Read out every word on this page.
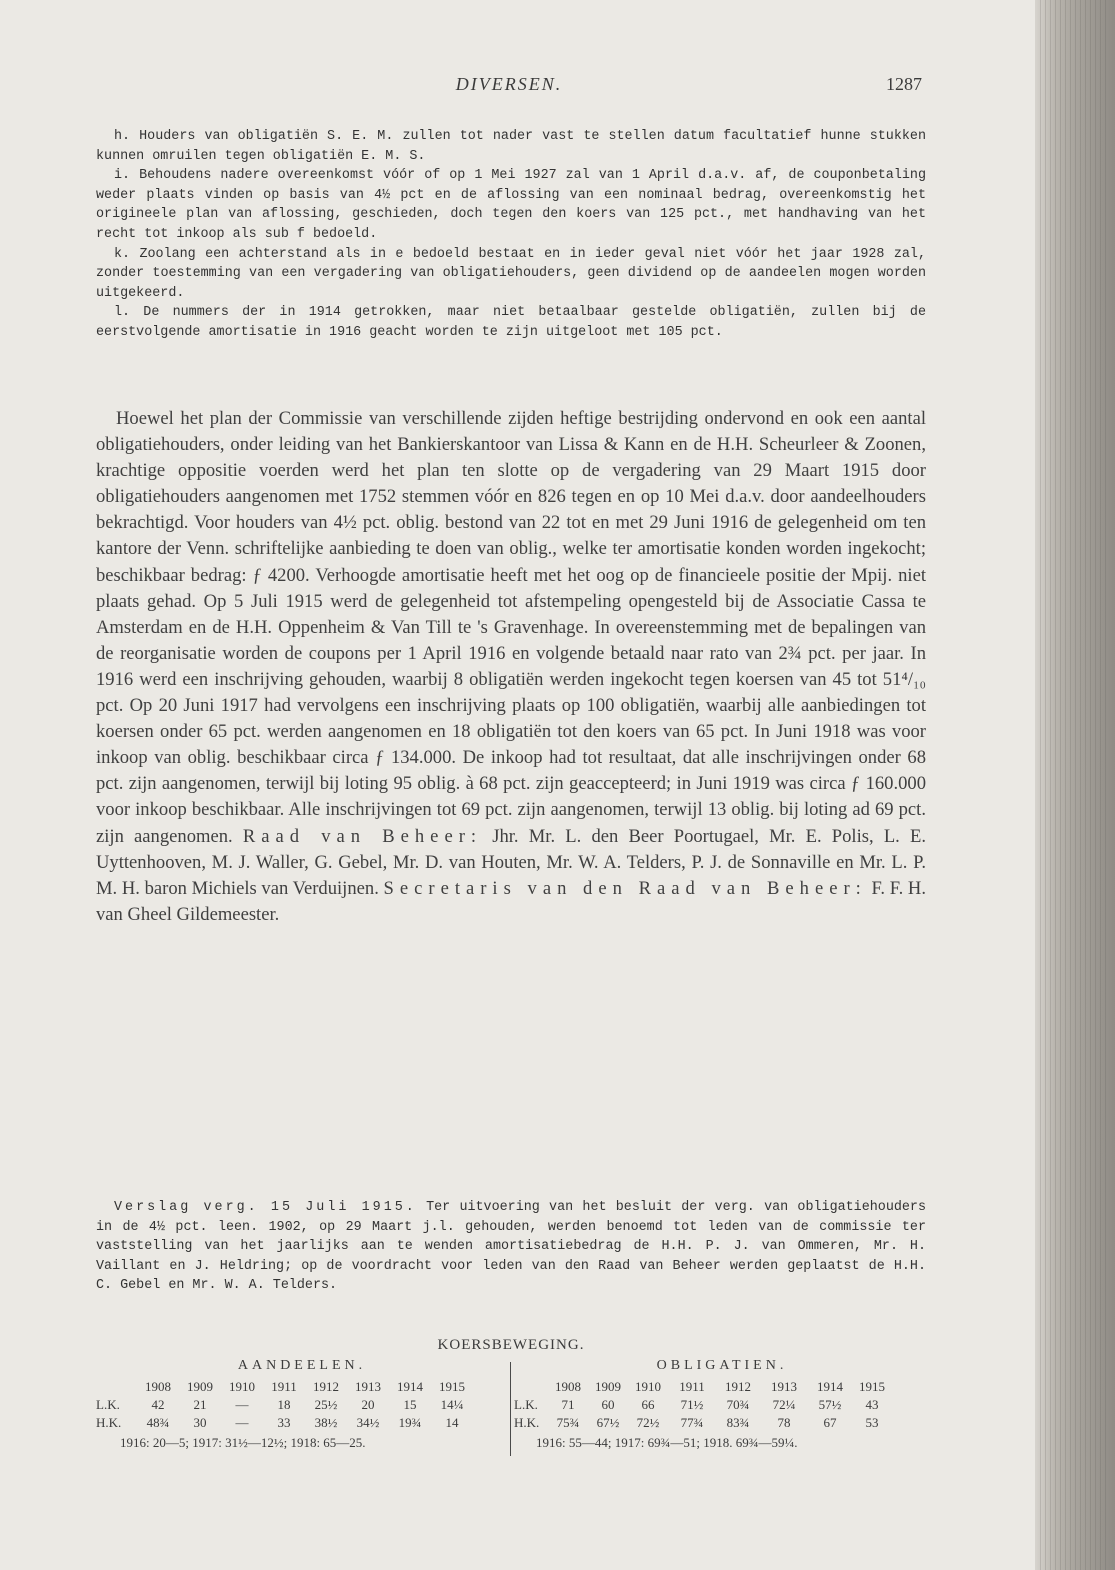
DIVERSEN.	1287

h. Houders van obligatiën S. E. M. zullen tot nader vast te stellen datum facultatief hunne stukken kunnen omruilen tegen obligatiën E. M. S.

i. Behoudens nadere overeenkomst vóór of op 1 Mei 1927 zal van 1 April d.a.v. af, de couponbetaling weder plaats vinden op basis van 4½ pct en de aflossing van een nominaal bedrag, overeenkomstig het origineele plan van aflossing, geschieden, doch tegen den koers van 125 pct., met handhaving van het recht tot inkoop als sub f bedoeld.

k. Zoolang een achterstand als in e bedoeld bestaat en in ieder geval niet vóór het jaar 1928 zal, zonder toestemming van een vergadering van obligatiehouders, geen dividend op de aandeelen mogen worden uitgekeerd.

l. De nummers der in 1914 getrokken, maar niet betaalbaar gestelde obligatiën, zullen bij de eerstvolgende amortisatie in 1916 geacht worden te zijn uitgeloot met 105 pct.

Hoewel het plan der Commissie van verschillende zijden heftige bestrijding ondervond en ook een aantal obligatiehouders, onder leiding van het Bankierskantoor van Lissa & Kann en de H.H. Scheurleer & Zoonen, krachtige oppositie voerden werd het plan ten slotte op de vergadering van 29 Maart 1915 door obligatiehouders aangenomen met 1752 stemmen vóór en 826 tegen en op 10 Mei d.a.v. door aandeelhouders bekrachtigd. Voor houders van 4½ pct. oblig. bestond van 22 tot en met 29 Juni 1916 de gelegenheid om ten kantore der Venn. schriftelijke aanbieding te doen van oblig., welke ter amortisatie konden worden ingekocht; beschikbaar bedrag: ƒ 4200. Verhoogde amortisatie heeft met het oog op de financieele positie der Mpij. niet plaats gehad. Op 5 Juli 1915 werd de gelegenheid tot afstempeling opengesteld bij de Associatie Cassa te Amsterdam en de H.H. Oppenheim & Van Till te 's Gravenhage. In overeenstemming met de bepalingen van de reorganisatie worden de coupons per 1 April 1916 en volgende betaald naar rato van 2¾ pct. per jaar. In 1916 werd een inschrijving gehouden, waarbij 8 obligatiën werden ingekocht tegen koersen van 45 tot 51⁴/₁₀ pct. Op 20 Juni 1917 had vervolgens een inschrijving plaats op 100 obligatiën, waarbij alle aanbiedingen tot koersen onder 65 pct. werden aangenomen en 18 obligatiën tot den koers van 65 pct. In Juni 1918 was voor inkoop van oblig. beschikbaar circa ƒ 134.000. De inkoop had tot resultaat, dat alle inschrijvingen onder 68 pct. zijn aangenomen, terwijl bij loting 95 oblig. à 68 pct. zijn geaccepteerd; in Juni 1919 was circa ƒ 160.000 voor inkoop beschikbaar. Alle inschrijvingen tot 69 pct. zijn aangenomen, terwijl 13 oblig. bij loting ad 69 pct. zijn aangenomen. Raad van Beheer: Jhr. Mr. L. den Beer Poortugael, Mr. E. Polis, L. E. Uyttenhooven, M. J. Waller, G. Gebel, Mr. D. van Houten, Mr. W. A. Telders, P. J. de Sonnaville en Mr. L. P. M. H. baron Michiels van Verduijnen. Secretaris van den Raad van Beheer: F. F. H. van Gheel Gildemeester.

Verslag verg. 15 Juli 1915. Ter uitvoering van het besluit der verg. van obligatiehouders in de 4½ pct. leen. 1902, op 29 Maart j.l. gehouden, werden benoemd tot leden van de commissie ter vaststelling van het jaarlijks aan te wenden amortisatiebedrag de H.H. P. J. van Ommeren, Mr. H. Vaillant en J. Heldring; op de voordracht voor leden van den Raad van Beheer werden geplaatst de H.H. C. Gebel en Mr. W. A. Telders.

KOERSBEWEGING.
AANDEELEN.
1908	1909	1910	1911	1912	1913	1914	1915
L.K.	42	21	—	18	25½	20	15	14¼
H.K.	48¾	30	—	33	38½	34½	19¾	14
1916: 20—5; 1917: 31½—12½; 1918: 65—25.
OBLIGATIEN.
1908	1909	1910	1911	1912	1913	1914	1915
L.K.	71	60	66	71½	70¾	72¼	57½	43
H.K.	75¾	67½	72½	77¾	83¾	78	67	53
1916: 55—44; 1917: 69¾—51; 1918. 69¾—59¼.
